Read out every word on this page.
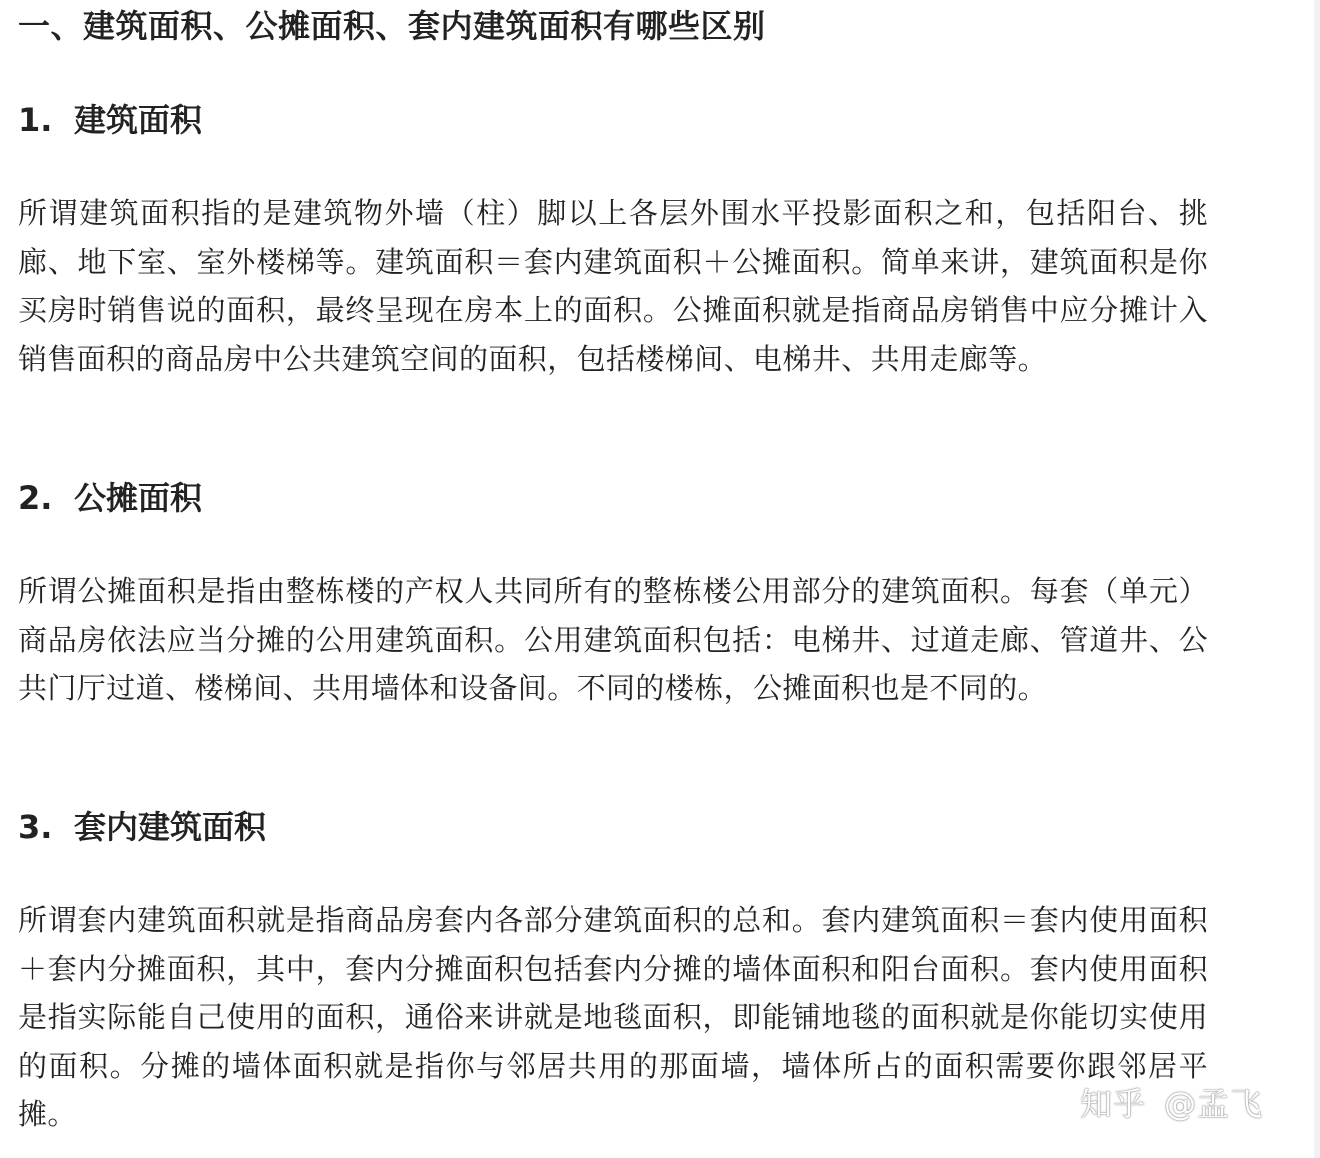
一、建筑面积、公摊面积、套内建筑面积有哪些区别
1. 建筑面积

所谓建筑面积指的是建筑物外墙（柱）脚以上各层外围水平投影面积之和，包括阳台、挑廊、地下室、室外楼梯等。建筑面积＝套内建筑面积＋公摊面积。简单来讲，建筑面积是你买房时销售说的面积，最终呈现在房本上的面积。公摊面积就是指商品房销售中应分摊计入销售面积的商品房中公共建筑空间的面积，包括楼梯间、电梯井、共用走廊等。

2. 公摊面积

所谓公摊面积是指由整栋楼的产权人共同所有的整栋楼公用部分的建筑面积。每套（单元）商品房依法应当分摊的公用建筑面积。公用建筑面积包括：电梯井、过道走廊、管道井、公共门厅过道、楼梯间、共用墙体和设备间。不同的楼栋，公摊面积也是不同的。

3. 套内建筑面积

所谓套内建筑面积就是指商品房套内各部分建筑面积的总和。套内建筑面积＝套内使用面积＋套内分摊面积，其中，套内分摊面积包括套内分摊的墙体面积和阳台面积。套内使用面积是指实际能自己使用的面积，通俗来讲就是地毯面积，即能铺地毯的面积就是你能切实使用的面积。分摊的墙体面积就是指你与邻居共用的那面墙，墙体所占的面积需要你跟邻居平摊。	知乎 @孟飞
